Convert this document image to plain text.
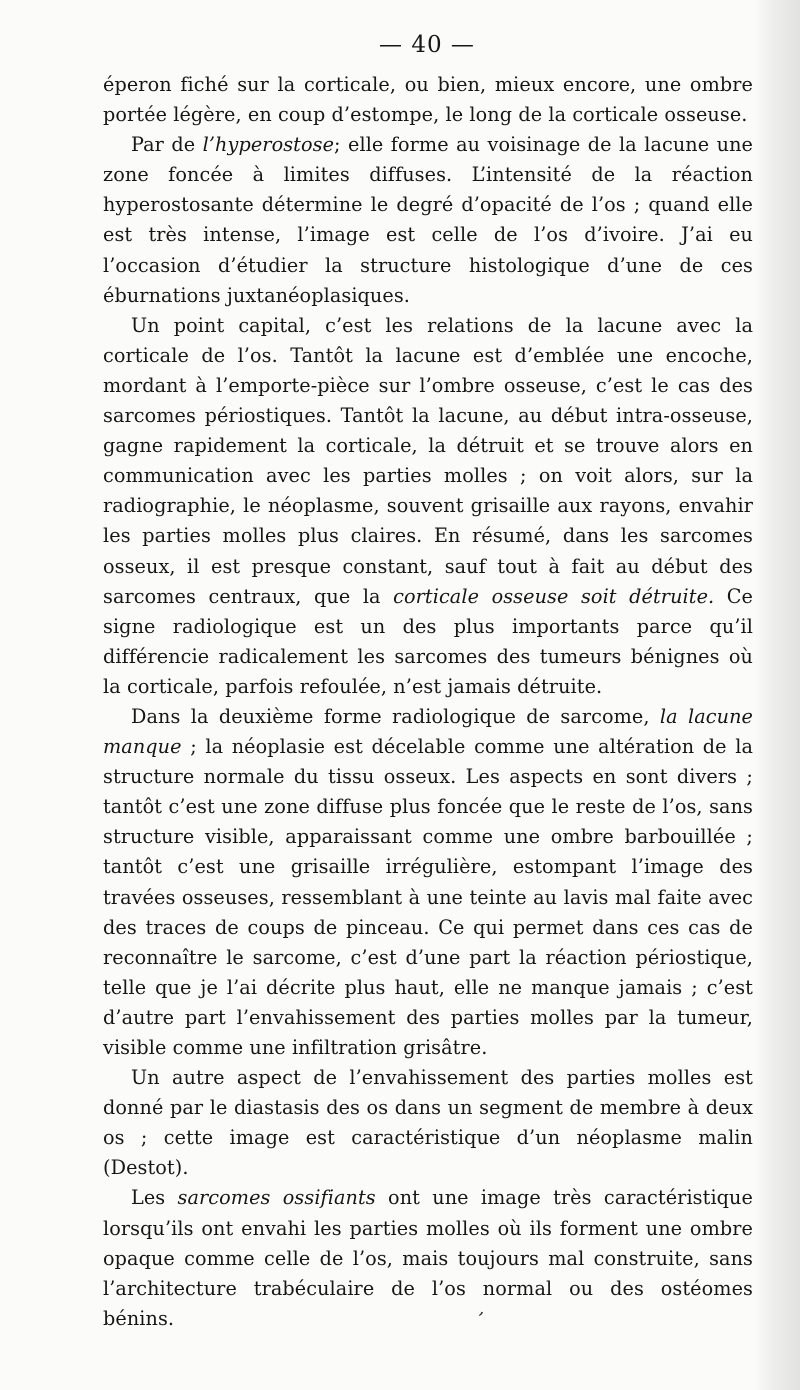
— 40 —

éperon fiché sur la corticale, ou bien, mieux encore, une ombre portée légère, en coup d’estompe, le long de la corticale osseuse.

Par de l’hyperostose; elle forme au voisinage de la lacune une zone foncée à limites diffuses. L’intensité de la réaction hyperostosante détermine le degré d’opacité de l’os ; quand elle est très intense, l’image est celle de l’os d’ivoire. J’ai eu l’occasion d’étudier la structure histologique d’une de ces éburnations juxtanéoplasiques.

Un point capital, c’est les relations de la lacune avec la corticale de l’os. Tantôt la lacune est d’emblée une encoche, mordant à l’emporte-pièce sur l’ombre osseuse, c’est le cas des sarcomes périostiques. Tantôt la lacune, au début intra-osseuse, gagne rapidement la corticale, la détruit et se trouve alors en communication avec les parties molles ; on voit alors, sur la radiographie, le néoplasme, souvent grisaille aux rayons, envahir les parties molles plus claires. En résumé, dans les sarcomes osseux, il est presque constant, sauf tout à fait au début des sarcomes centraux, que la corticale osseuse soit détruite. Ce signe radiologique est un des plus importants parce qu’il différencie radicalement les sarcomes des tumeurs bénignes où la corticale, parfois refoulée, n’est jamais détruite.

Dans la deuxième forme radiologique de sarcome, la lacune manque ; la néoplasie est décelable comme une altération de la structure normale du tissu osseux. Les aspects en sont divers ; tantôt c’est une zone diffuse plus foncée que le reste de l’os, sans structure visible, apparaissant comme une ombre barbouillée ; tantôt c’est une grisaille irrégulière, estompant l’image des travées osseuses, ressemblant à une teinte au lavis mal faite avec des traces de coups de pinceau. Ce qui permet dans ces cas de reconnaître le sarcome, c’est d’une part la réaction périostique, telle que je l’ai décrite plus haut, elle ne manque jamais ; c’est d’autre part l’envahissement des parties molles par la tumeur, visible comme une infiltration grisâtre.

Un autre aspect de l’envahissement des parties molles est donné par le diastasis des os dans un segment de membre à deux os ; cette image est caractéristique d’un néoplasme malin (Destot).

Les sarcomes ossifiants ont une image très caractéristique lorsqu’ils ont envahi les parties molles où ils forment une ombre opaque comme celle de l’os, mais toujours mal construite, sans l’architecture trabéculaire de l’os normal ou des ostéomes bénins.	,
